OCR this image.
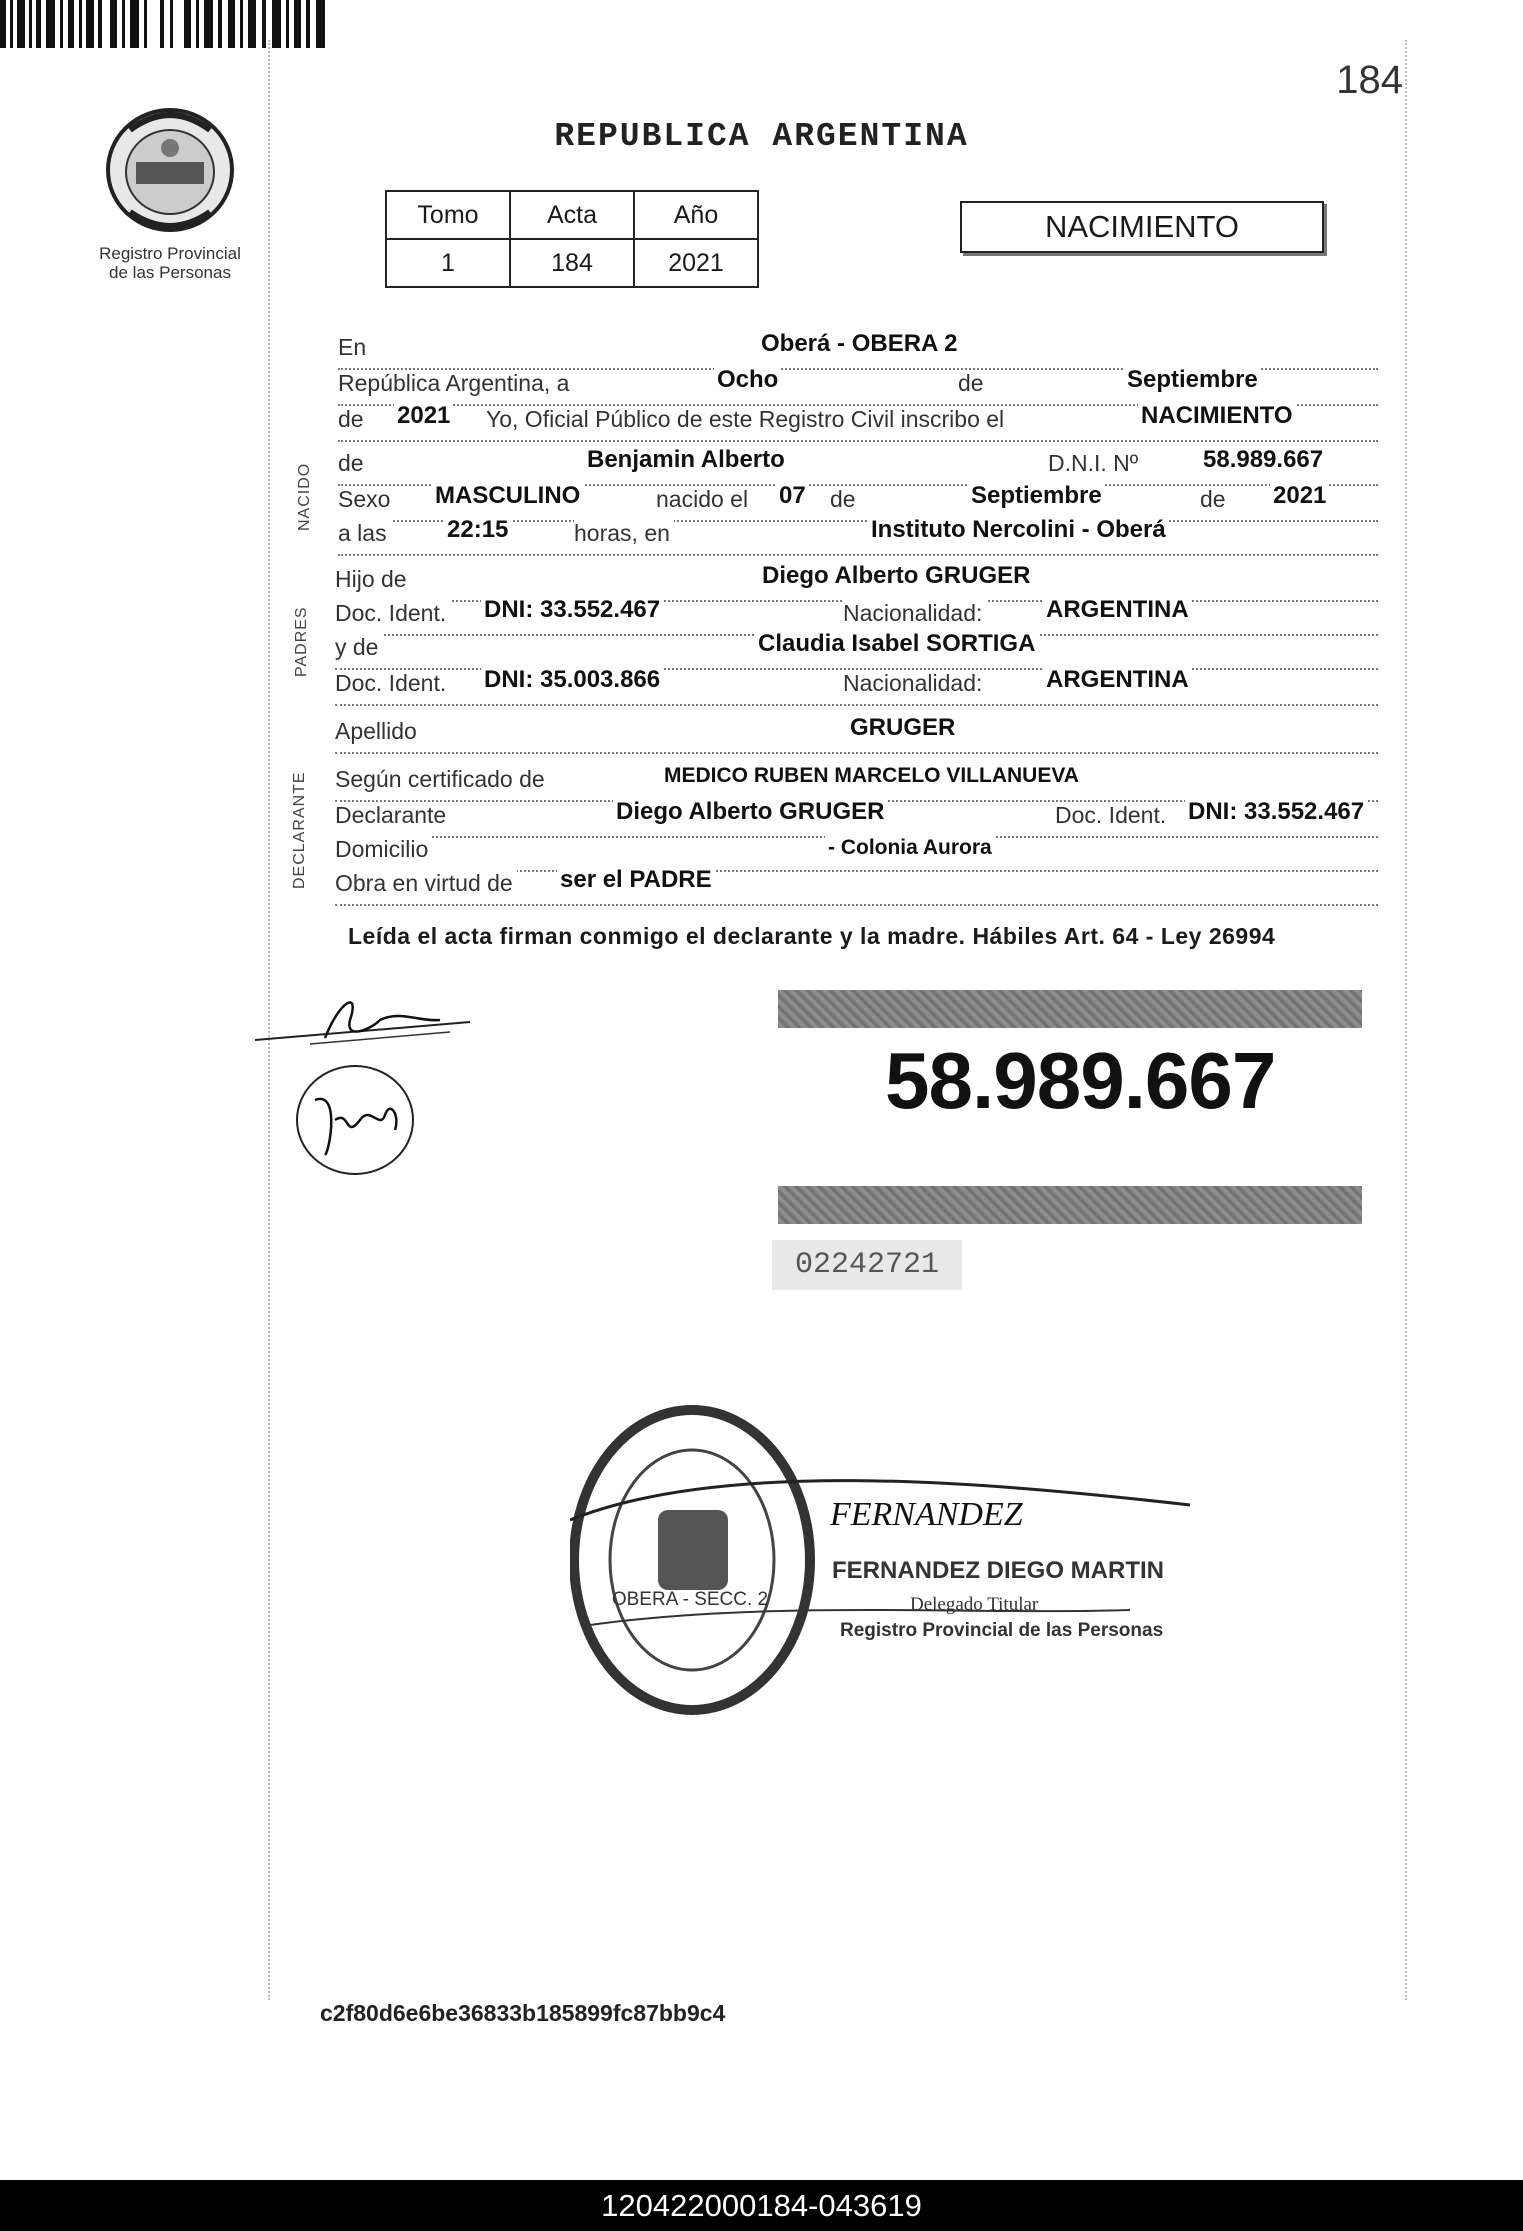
184
Registro Provincial
de las Personas
REPUBLICA ARGENTINA
Tomo	Acta	Año
1	184	2021
NACIMIENTO
NACIDO
PADRES
DECLARANTE
En	Oberá - OBERA 2
República Argentina, a	Ocho	de	Septiembre
de 2021 Yo, Oficial Público de este Registro Civil inscribo el	NACIMIENTO
de	Benjamin Alberto	D.N.I. Nº	58.989.667
Sexo MASCULINO	nacido el 07 de	Septiembre	de 2021
a las	22:15	horas, en	Instituto Nercolini - Oberá
Hijo de	Diego Alberto GRUGER
Doc. Ident. DNI: 33.552.467	Nacionalidad:	ARGENTINA
y de	Claudia Isabel SORTIGA
Doc. Ident. DNI: 35.003.866	Nacionalidad:	ARGENTINA
Apellido	GRUGER
Según certificado de	MEDICO RUBEN MARCELO VILLANUEVA
Declarante	Diego Alberto GRUGER	Doc. Ident. DNI: 33.552.467
Domicilio	- Colonia Aurora
Obra en virtud de ser el PADRE
Leída el acta firman conmigo el declarante y la madre. Hábiles Art. 64 - Ley 26994
58.989.667
02242721
OBERA - SECC. 2
FERNANDEZ
FERNANDEZ DIEGO MARTIN
Delegado Titular
Registro Provincial de las Personas
c2f80d6e6be36833b185899fc87bb9c4
120422000184-043619
